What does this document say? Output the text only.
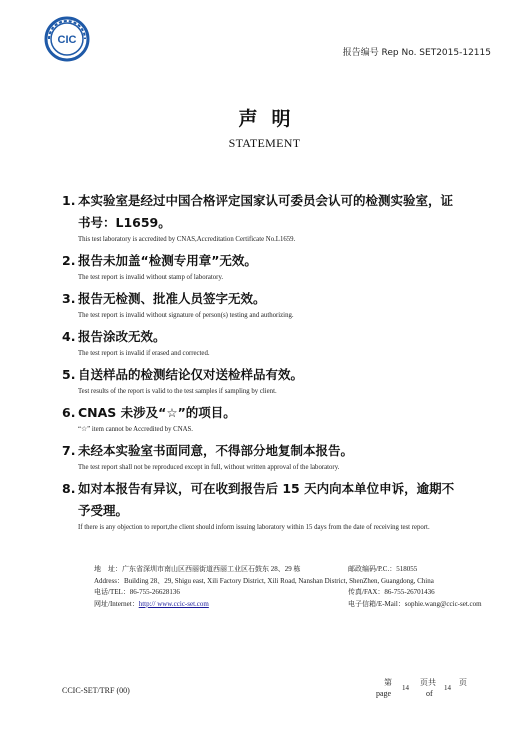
CIC
报告编号 Rep No. SET2015-12115
声明
STATEMENT
1. 本实验室是经过中国合格评定国家认可委员会认可的检测实验室，证书号：L1659。
This test laboratory is accredited by CNAS,Accreditation Certificate No.L1659.
2. 报告未加盖“检测专用章”无效。
The test report is invalid without stamp of laboratory.
3. 报告无检测、批准人员签字无效。
The test report is invalid without signature of person(s) testing and authorizing.
4. 报告涂改无效。
The test report is invalid if erased and corrected.
5. 自送样品的检测结论仅对送检样品有效。
Test results of the report is valid to the test samples if sampling by client.
6. CNAS 未涉及“☆”的项目。
“☆” item cannot be Accredited by CNAS.
7. 未经本实验室书面同意，不得部分地复制本报告。
The test report shall not be reproduced except in full, without written approval of the laboratory.
8. 如对本报告有异议，可在收到报告后 15 天内向本单位申诉，逾期不予受理。
If there is any objection to report,the client should inform issuing laboratory within 15 days from the date of receiving test report.
地　址：广东省深圳市南山区西丽街道西丽工业区石鼓东 28、29 栋	邮政编码/P.C.：518055
Address：Building 28、29, Shigu east, Xili Factory District, Xili Road, Nanshan District, ShenZhen, Guangdong, China
电话/TEL：86-755-26628136	传真/FAX：86-755-26701436
网址/Internet：http:// www.ccic-set.com	电子信箱/E-Mail：sophie.wang@ccic-set.com
CCIC-SET/TRF (00)
第
page
14
页共
of
14
页
